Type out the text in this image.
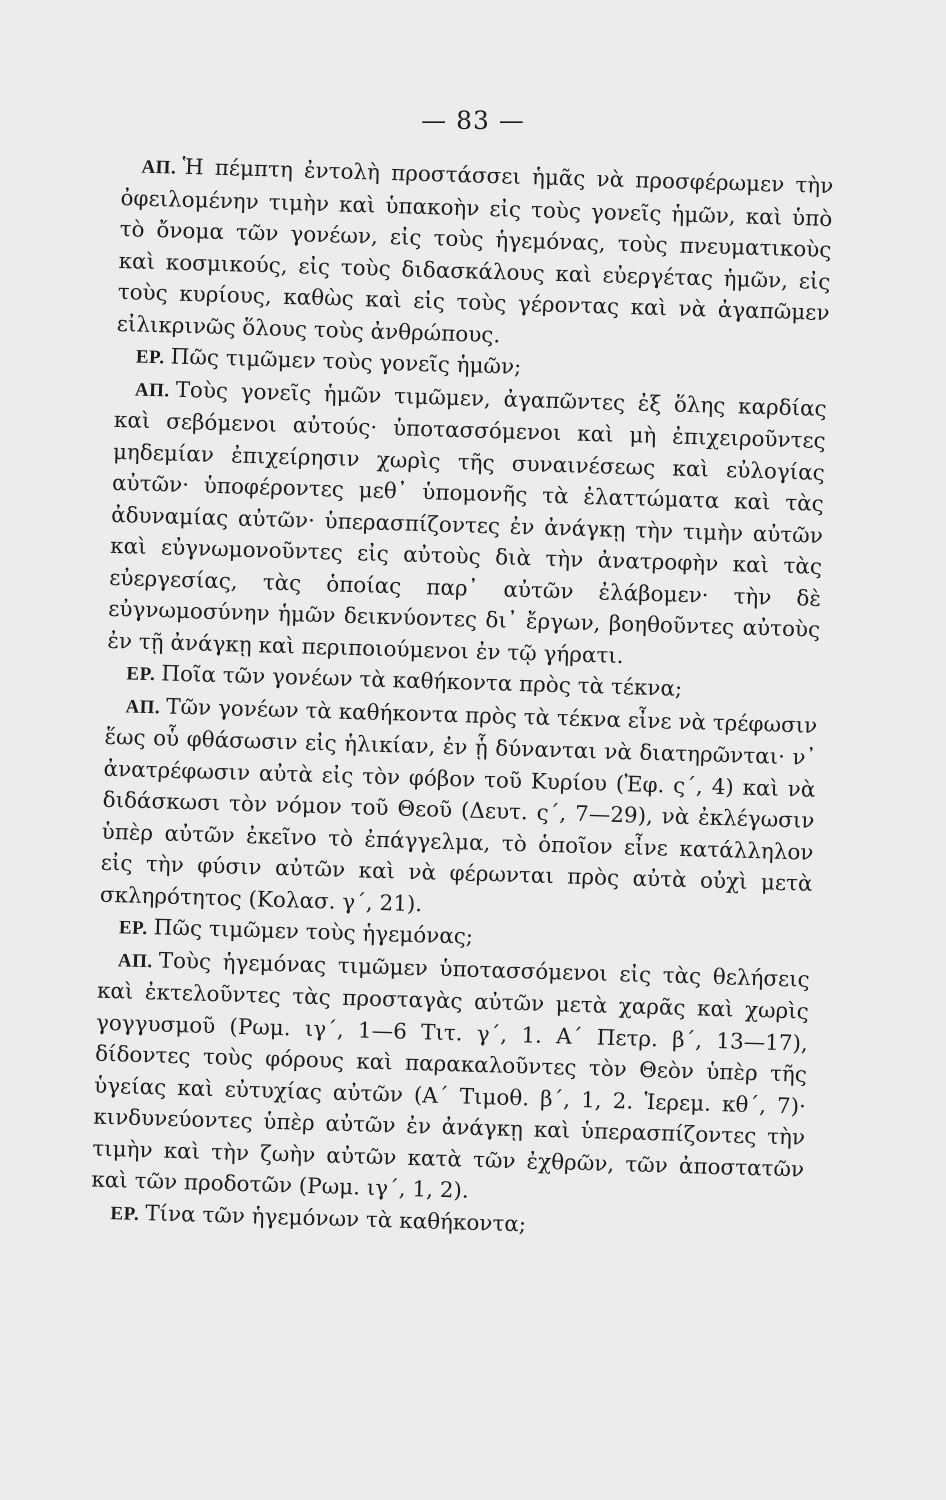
— 83 —

ΑΠ. Ἡ πέμπτη ἐντολὴ προστάσσει ἡμᾶς νὰ προσφέρωμεν τὴν ὀφειλομένην τιμὴν καὶ ὑπακοὴν εἰς τοὺς γονεῖς ἡμῶν, καὶ ὑπὸ τὸ ὄνομα τῶν γονέων, εἰς τοὺς ἡγεμόνας, τοὺς πνευματικοὺς καὶ κοσμικούς, εἰς τοὺς διδασκάλους καὶ εὐεργέτας ἡμῶν, εἰς τοὺς κυρίους, καθὼς καὶ εἰς τοὺς γέροντας καὶ νὰ ἀγαπῶμεν εἰλικρινῶς ὅλους τοὺς ἀνθρώπους.

ΕΡ. Πῶς τιμῶμεν τοὺς γονεῖς ἡμῶν;

ΑΠ. Τοὺς γονεῖς ἡμῶν τιμῶμεν, ἀγαπῶντες ἐξ ὅλης καρδίας καὶ σεβόμενοι αὐτούς· ὑποτασσόμενοι καὶ μὴ ἐπιχειροῦντες μηδεμίαν ἐπιχείρησιν χωρὶς τῆς συναινέσεως καὶ εὐλογίας αὐτῶν· ὑποφέροντες μεθ᾽ ὑπομονῆς τὰ ἐλαττώματα καὶ τὰς ἀδυναμίας αὐτῶν· ὑπερασπίζοντες ἐν ἀνάγκῃ τὴν τιμὴν αὐτῶν καὶ εὐγνωμονοῦντες εἰς αὐτοὺς διὰ τὴν ἀνατροφὴν καὶ τὰς εὐεργεσίας, τὰς ὁποίας παρ᾽ αὐτῶν ἐλάβομεν· τὴν δὲ εὐγνωμοσύνην ἡμῶν δεικνύοντες δι᾽ ἔργων, βοηθοῦντες αὐτοὺς ἐν τῇ ἀνάγκῃ καὶ περιποιούμενοι ἐν τῷ γήρατι.

ΕΡ. Ποῖα τῶν γονέων τὰ καθήκοντα πρὸς τὰ τέκνα;

ΑΠ. Τῶν γονέων τὰ καθήκοντα πρὸς τὰ τέκνα εἶνε νὰ τρέφωσιν ἕως οὗ φθάσωσιν εἰς ἡλικίαν, ἐν ᾗ δύνανται νὰ διατηρῶνται· ν᾽ ἀνατρέφωσιν αὐτὰ εἰς τὸν φόβον τοῦ Κυρίου (Ἐφ. ς΄, 4) καὶ νὰ διδάσκωσι τὸν νόμον τοῦ Θεοῦ (Δευτ. ς΄, 7—29), νὰ ἐκλέγωσιν ὑπὲρ αὐτῶν ἐκεῖνο τὸ ἐπάγγελμα, τὸ ὁποῖον εἶνε κατάλληλον εἰς τὴν φύσιν αὐτῶν καὶ νὰ φέρωνται πρὸς αὐτὰ οὐχὶ μετὰ σκληρότητος (Κολασ. γ΄, 21).

ΕΡ. Πῶς τιμῶμεν τοὺς ἡγεμόνας;

ΑΠ. Τοὺς ἡγεμόνας τιμῶμεν ὑποτασσόμενοι εἰς τὰς θελήσεις καὶ ἐκτελοῦντες τὰς προσταγὰς αὐτῶν μετὰ χαρᾶς καὶ χωρὶς γογγυσμοῦ (Ρωμ. ιγ΄, 1—6 Τιτ. γ΄, 1. Α΄ Πετρ. β΄, 13—17), δίδοντες τοὺς φόρους καὶ παρακαλοῦντες τὸν Θεὸν ὑπὲρ τῆς ὑγείας καὶ εὐτυχίας αὐτῶν (Α΄ Τιμοθ. β΄, 1, 2. Ἱερεμ. κθ΄, 7)· κινδυνεύοντες ὑπὲρ αὐτῶν ἐν ἀνάγκῃ καὶ ὑπερασπίζοντες τὴν τιμὴν καὶ τὴν ζωὴν αὐτῶν κατὰ τῶν ἐχθρῶν, τῶν ἀποστατῶν καὶ τῶν προδοτῶν (Ρωμ. ιγ΄, 1, 2).

ΕΡ. Τίνα τῶν ἡγεμόνων τὰ καθήκοντα;
